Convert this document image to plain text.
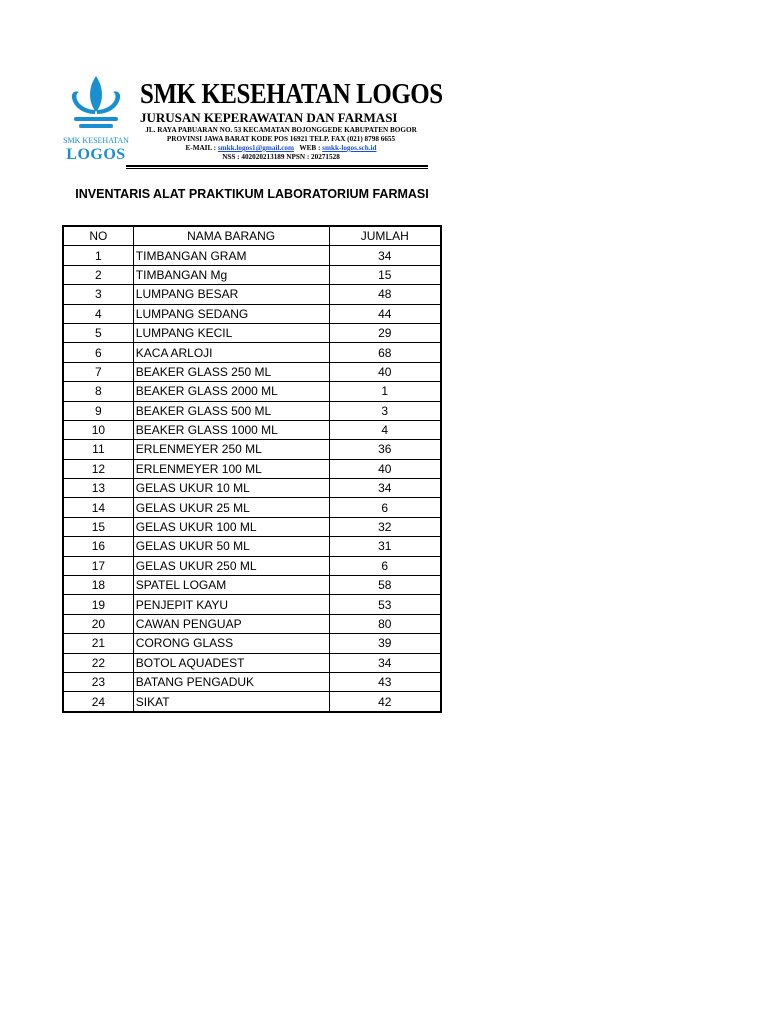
SMK KESEHATAN
LOGOS
SMK KESEHATAN LOGOS
JURUSAN KEPERAWATAN DAN FARMASI
JL. RAYA PABUARAN NO. 53 KECAMATAN BOJONGGEDE KABUPATEN BOGOR
PROVINSI JAWA BARAT KODE POS 16921 TELP. FAX (021) 8798 6655
E-MAIL : smkk.logos1@gmail.com WEB : smkk-logos.sch.id
NSS : 402020213189 NPSN : 20271528
INVENTARIS ALAT PRAKTIKUM LABORATORIUM FARMASI
NO	NAMA BARANG	JUMLAH
1	TIMBANGAN GRAM	34
2	TIMBANGAN Mg	15
3	LUMPANG BESAR	48
4	LUMPANG SEDANG	44
5	LUMPANG KECIL	29
6	KACA ARLOJI	68
7	BEAKER GLASS 250 ML	40
8	BEAKER GLASS 2000 ML	1
9	BEAKER GLASS 500 ML	3
10	BEAKER GLASS 1000 ML	4
11	ERLENMEYER 250 ML	36
12	ERLENMEYER 100 ML	40
13	GELAS UKUR 10 ML	34
14	GELAS UKUR 25 ML	6
15	GELAS UKUR 100 ML	32
16	GELAS UKUR 50 ML	31
17	GELAS UKUR 250 ML	6
18	SPATEL LOGAM	58
19	PENJEPIT KAYU	53
20	CAWAN PENGUAP	80
21	CORONG GLASS	39
22	BOTOL AQUADEST	34
23	BATANG PENGADUK	43
24	SIKAT	42
